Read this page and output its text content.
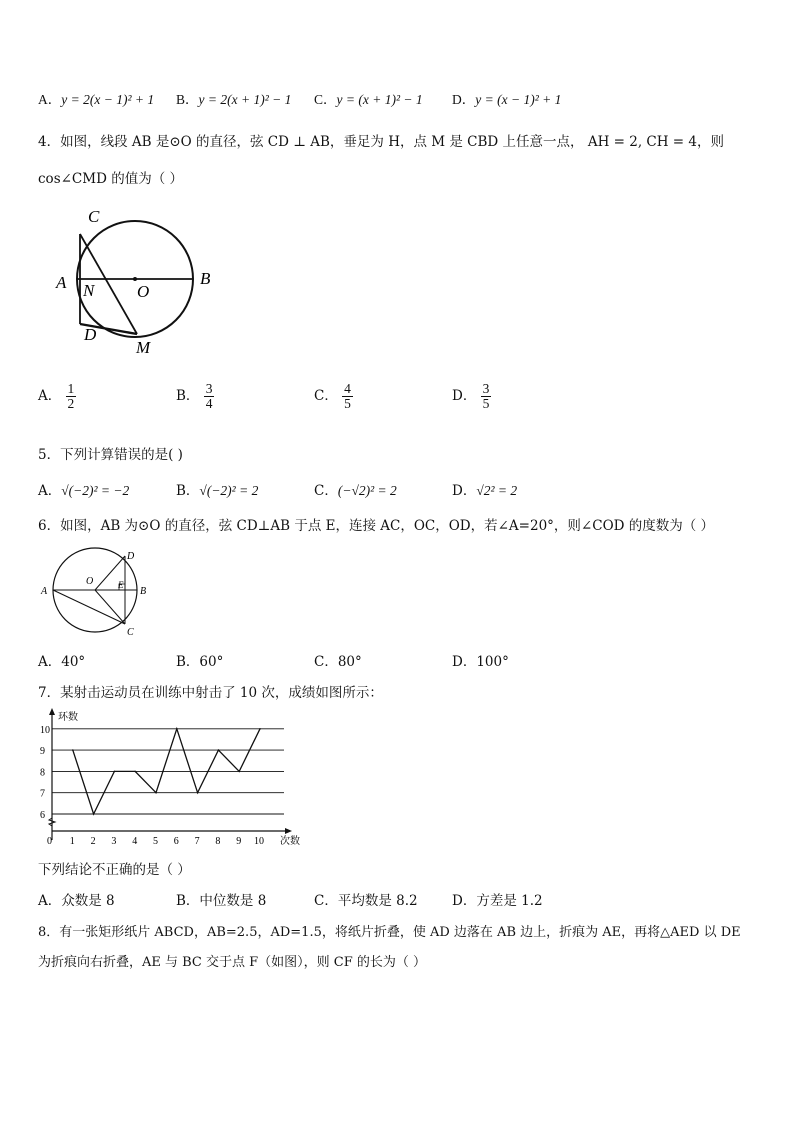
A．y = 2(x − 1)² + 1 B．y = 2(x + 1)² − 1 C．y = (x + 1)² − 1 D．y = (x − 1)² + 1
4．如图，线段 AB 是⊙O 的直径，弦 CD ⊥ AB，垂足为 H，点 M 是 CBD 上任意一点， AH = 2, CH = 4，则
cos∠CMD 的值为（ ）
C
A N	O
B
D
M
A． $\frac{1}{2}$	B． $\frac{3}{4}$	C． $\frac{4}{5}$	D． $\frac{3}{5}$
5．下列计算错误的是( )
A．√(−2)² = −2	B．√(−2)² = 2	C．(−√2)² = 2	D．√2² = 2
6．如图，AB 为⊙O 的直径，弦 CD⊥AB 于点 E，连接 AC，OC，OD，若∠A=20°，则∠COD 的度数为（ ）
A
O	E
B
C
D
A．40°	B．60°	C．80°	D．100°
7．某射击运动员在训练中射击了 10 次，成绩如图所示：
6
7
8
9
10
0 1 2 3 4 5 6 7 8 9 10
环数
次数
下列结论不正确的是（ ）
A．众数是 8	B．中位数是 8	C．平均数是 8.2	D．方差是 1.2
8．有一张矩形纸片 ABCD，AB=2.5，AD=1.5，将纸片折叠，使 AD 边落在 AB 边上，折痕为 AE，再将△AED 以 DE
为折痕向右折叠，AE 与 BC 交于点 F（如图），则 CF 的长为（ ）
